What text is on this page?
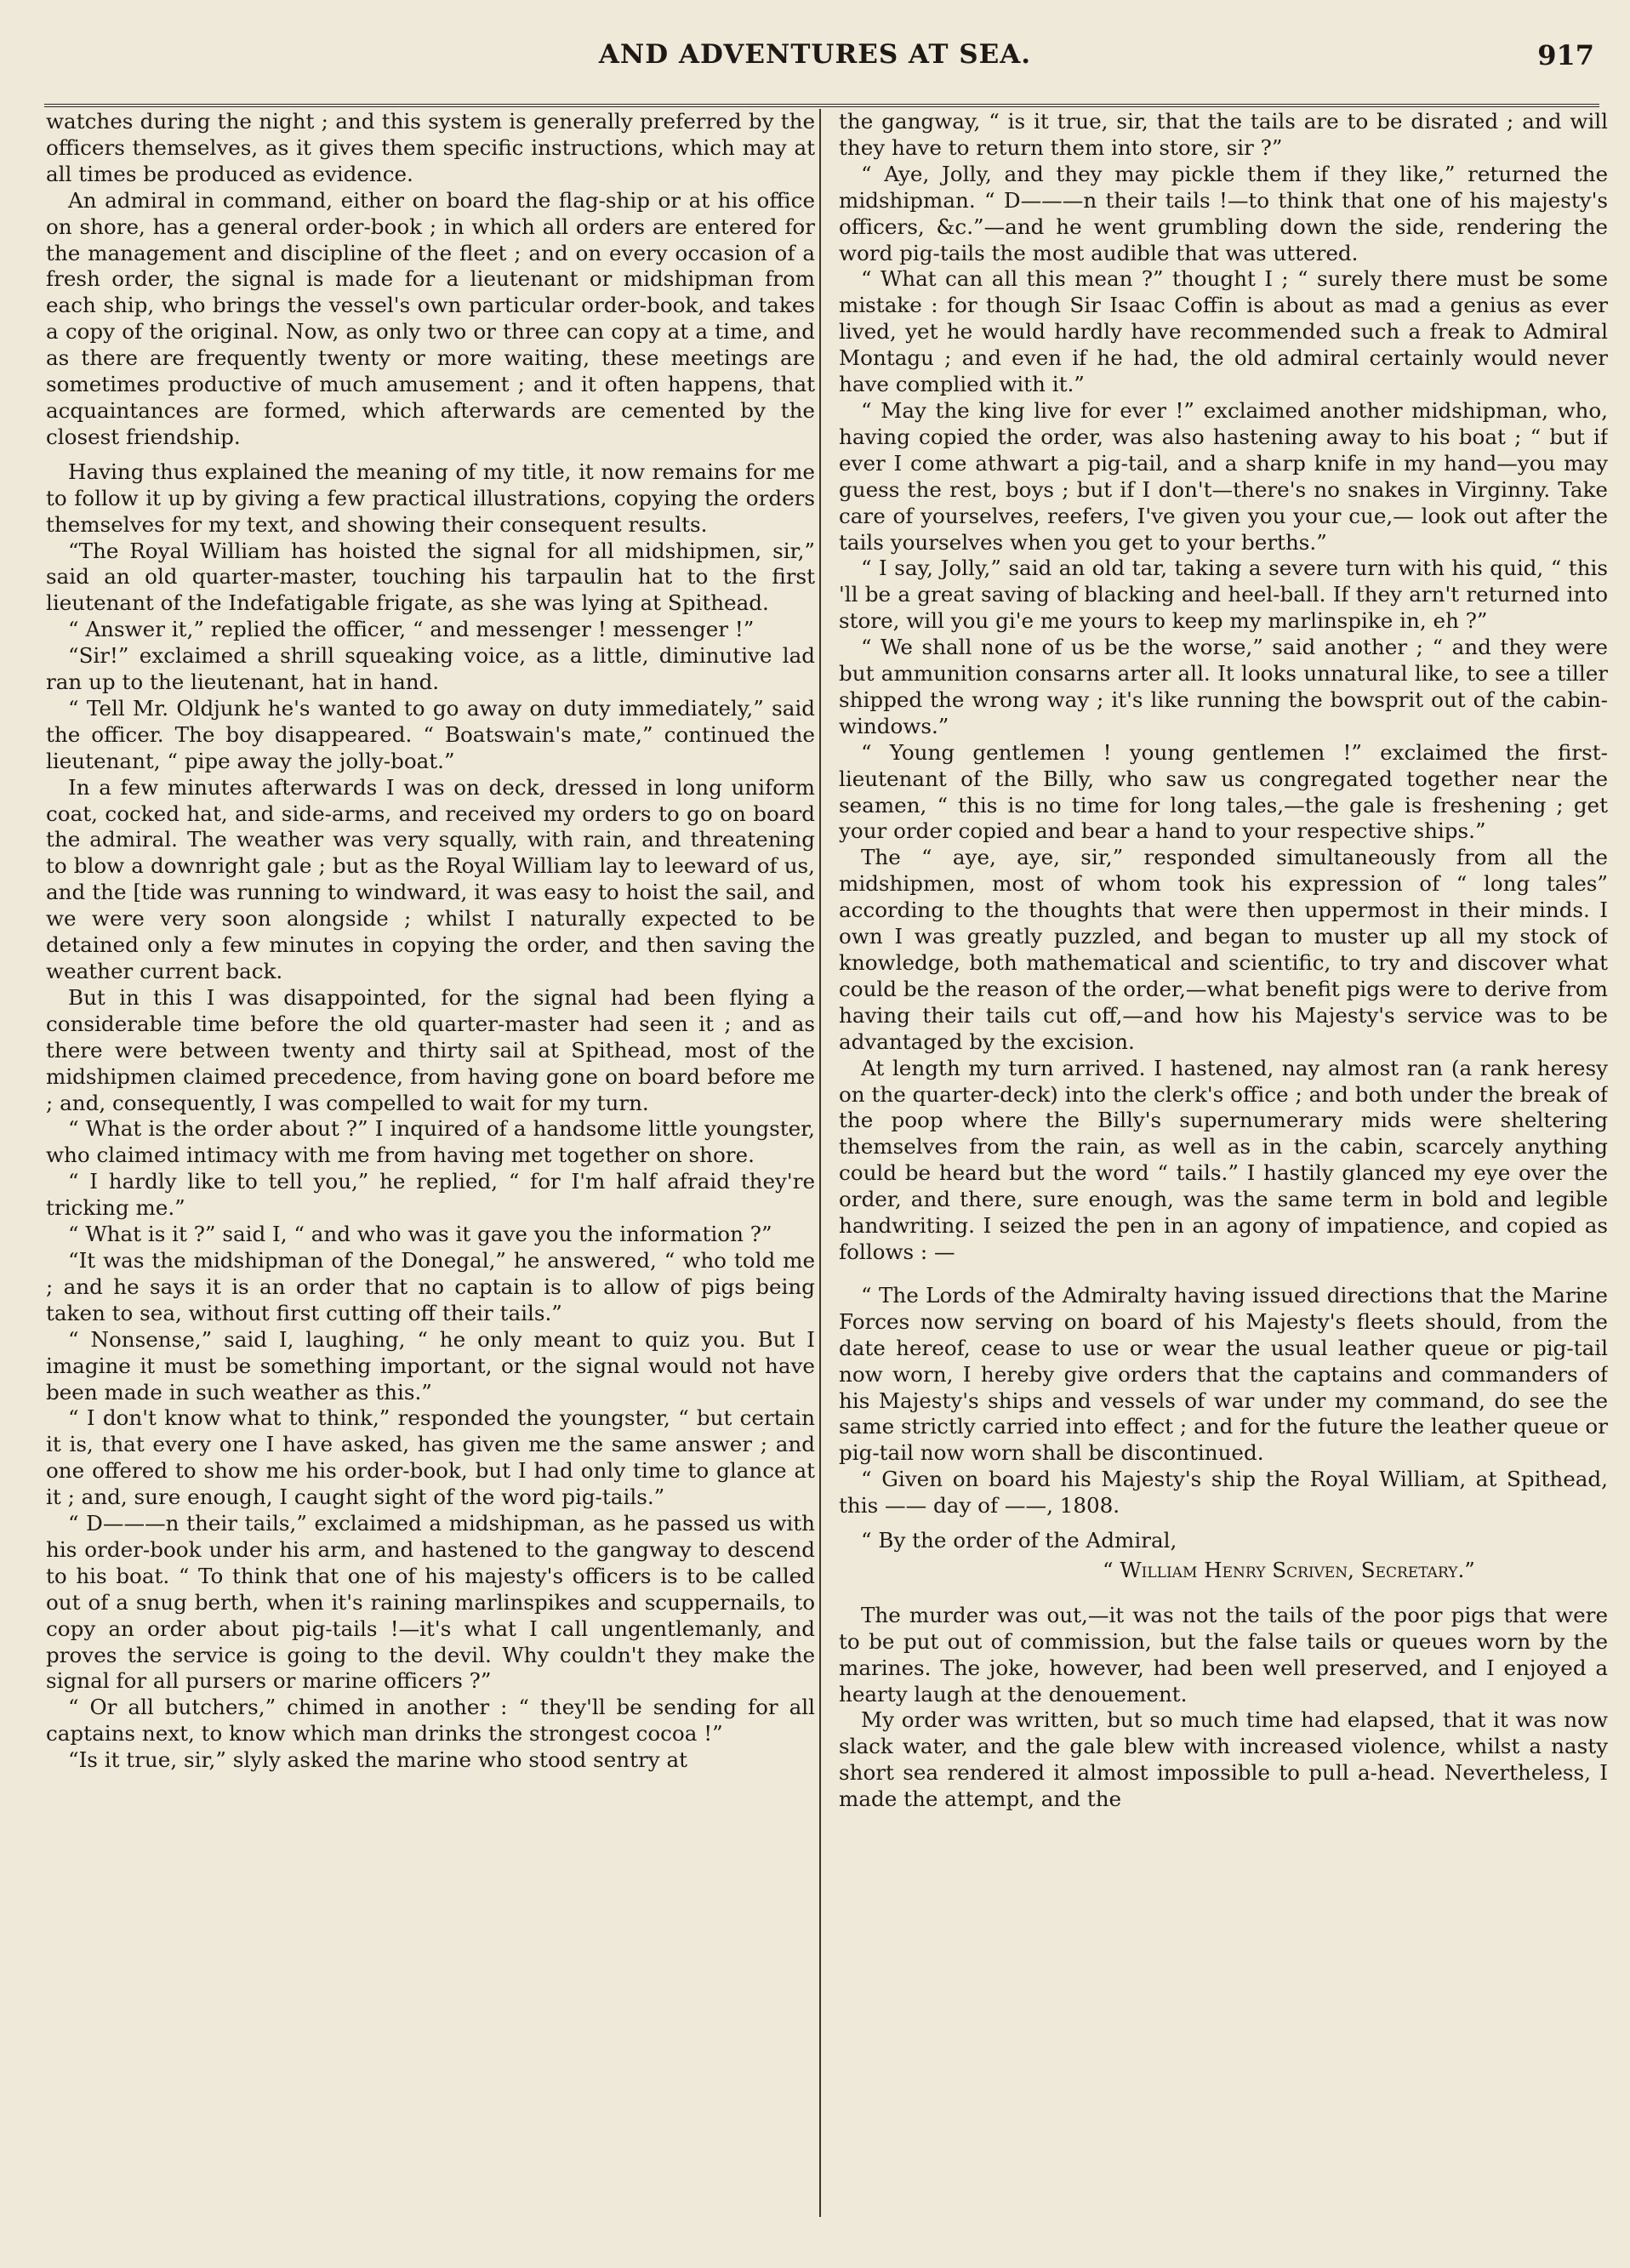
AND ADVENTURES AT SEA.	917

watches during the night ; and this system is generally preferred by the officers themselves, as it gives them specific instructions, which may at all times be produced as evidence.

An admiral in command, either on board the flag-ship or at his office on shore, has a general order-book ; in which all orders are entered for the management and discipline of the fleet ; and on every occasion of a fresh order, the signal is made for a lieutenant or midshipman from each ship, who brings the vessel's own particular order-book, and takes a copy of the original. Now, as only two or three can copy at a time, and as there are frequently twenty or more waiting, these meetings are sometimes productive of much amusement ; and it often happens, that acquaintances are formed, which afterwards are cemented by the closest friendship.

Having thus explained the meaning of my title, it now remains for me to follow it up by giving a few practical illustrations, copying the orders themselves for my text, and showing their consequent results.

“The Royal William has hoisted the signal for all midshipmen, sir,” said an old quarter-master, touching his tarpaulin hat to the first lieutenant of the Indefatigable frigate, as she was lying at Spithead.

“ Answer it,” replied the officer, “ and messenger ! messenger !”

“Sir!” exclaimed a shrill squeaking voice, as a little, diminutive lad ran up to the lieutenant, hat in hand.

“ Tell Mr. Oldjunk he's wanted to go away on duty immediately,” said the officer. The boy disappeared. “ Boatswain's mate,” continued the lieutenant, “ pipe away the jolly-boat.”

In a few minutes afterwards I was on deck, dressed in long uniform coat, cocked hat, and side-arms, and received my orders to go on board the admiral. The weather was very squally, with rain, and threatening to blow a downright gale ; but as the Royal William lay to leeward of us, and the [tide was running to windward, it was easy to hoist the sail, and we were very soon alongside ; whilst I naturally expected to be detained only a few minutes in copying the order, and then saving the weather current back.

But in this I was disappointed, for the signal had been flying a considerable time before the old quarter-master had seen it ; and as there were between twenty and thirty sail at Spithead, most of the midshipmen claimed precedence, from having gone on board before me ; and, consequently, I was compelled to wait for my turn.

“ What is the order about ?” I inquired of a handsome little youngster, who claimed intimacy with me from having met together on shore.

“ I hardly like to tell you,” he replied, “ for I'm half afraid they're tricking me.”

“ What is it ?” said I, “ and who was it gave you the information ?”

“It was the midshipman of the Donegal,” he answered, “ who told me ; and he says it is an order that no captain is to allow of pigs being taken to sea, without first cutting off their tails.”

“ Nonsense,” said I, laughing, “ he only meant to quiz you. But I imagine it must be something important, or the signal would not have been made in such weather as this.”

“ I don't know what to think,” responded the youngster, “ but certain it is, that every one I have asked, has given me the same answer ; and one offered to show me his order-book, but I had only time to glance at it ; and, sure enough, I caught sight of the word pig-tails.”

“ D———n their tails,” exclaimed a midshipman, as he passed us with his order-book under his arm, and hastened to the gangway to descend to his boat. “ To think that one of his majesty's officers is to be called out of a snug berth, when it's raining marlinspikes and scuppernails, to copy an order about pig-tails !—it's what I call ungentlemanly, and proves the service is going to the devil. Why couldn't they make the signal for all pursers or marine officers ?”

“ Or all butchers,” chimed in another : “ they'll be sending for all captains next, to know which man drinks the strongest cocoa !”

“Is it true, sir,” slyly asked the marine who stood sentry at

the gangway, “ is it true, sir, that the tails are to be disrated ; and will they have to return them into store, sir ?”

“ Aye, Jolly, and they may pickle them if they like,” returned the midshipman. “ D———n their tails !—to think that one of his majesty's officers, &c.”—and he went grumbling down the side, rendering the word pig-tails the most audible that was uttered.

“ What can all this mean ?” thought I ; “ surely there must be some mistake : for though Sir Isaac Coffin is about as mad a genius as ever lived, yet he would hardly have recommended such a freak to Admiral Montagu ; and even if he had, the old admiral certainly would never have complied with it.”

“ May the king live for ever !” exclaimed another midshipman, who, having copied the order, was also hastening away to his boat ; “ but if ever I come athwart a pig-tail, and a sharp knife in my hand—you may guess the rest, boys ; but if I don't—there's no snakes in Virginny. Take care of yourselves, reefers, I've given you your cue,— look out after the tails yourselves when you get to your berths.”

“ I say, Jolly,” said an old tar, taking a severe turn with his quid, “ this 'll be a great saving of blacking and heel-ball. If they arn't returned into store, will you gi'e me yours to keep my marlinspike in, eh ?”

“ We shall none of us be the worse,” said another ; “ and they were but ammunition consarns arter all. It looks unnatural like, to see a tiller shipped the wrong way ; it's like running the bowsprit out of the cabin-windows.”

“ Young gentlemen ! young gentlemen !” exclaimed the first-lieutenant of the Billy, who saw us congregated together near the seamen, “ this is no time for long tales,—the gale is freshening ; get your order copied and bear a hand to your respective ships.”

The “ aye, aye, sir,” responded simultaneously from all the midshipmen, most of whom took his expression of “ long tales” according to the thoughts that were then uppermost in their minds. I own I was greatly puzzled, and began to muster up all my stock of knowledge, both mathematical and scientific, to try and discover what could be the reason of the order,—what benefit pigs were to derive from having their tails cut off,—and how his Majesty's service was to be advantaged by the excision.

At length my turn arrived. I hastened, nay almost ran (a rank heresy on the quarter-deck) into the clerk's office ; and both under the break of the poop where the Billy's supernumerary mids were sheltering themselves from the rain, as well as in the cabin, scarcely anything could be heard but the word “ tails.” I hastily glanced my eye over the order, and there, sure enough, was the same term in bold and legible handwriting. I seized the pen in an agony of impatience, and copied as follows : —

“ The Lords of the Admiralty having issued directions that the Marine Forces now serving on board of his Majesty's fleets should, from the date hereof, cease to use or wear the usual leather queue or pig-tail now worn, I hereby give orders that the captains and commanders of his Majesty's ships and vessels of war under my command, do see the same strictly carried into effect ; and for the future the leather queue or pig-tail now worn shall be discontinued.

“ Given on board his Majesty's ship the Royal William, at Spithead, this —— day of ——, 1808.

“ By the order of the Admiral,

“ William Henry Scriven, Secretary.”

The murder was out,—it was not the tails of the poor pigs that were to be put out of commission, but the false tails or queues worn by the marines. The joke, however, had been well preserved, and I enjoyed a hearty laugh at the denouement.

My order was written, but so much time had elapsed, that it was now slack water, and the gale blew with increased violence, whilst a nasty short sea rendered it almost impossible to pull a-head. Nevertheless, I made the attempt, and the
